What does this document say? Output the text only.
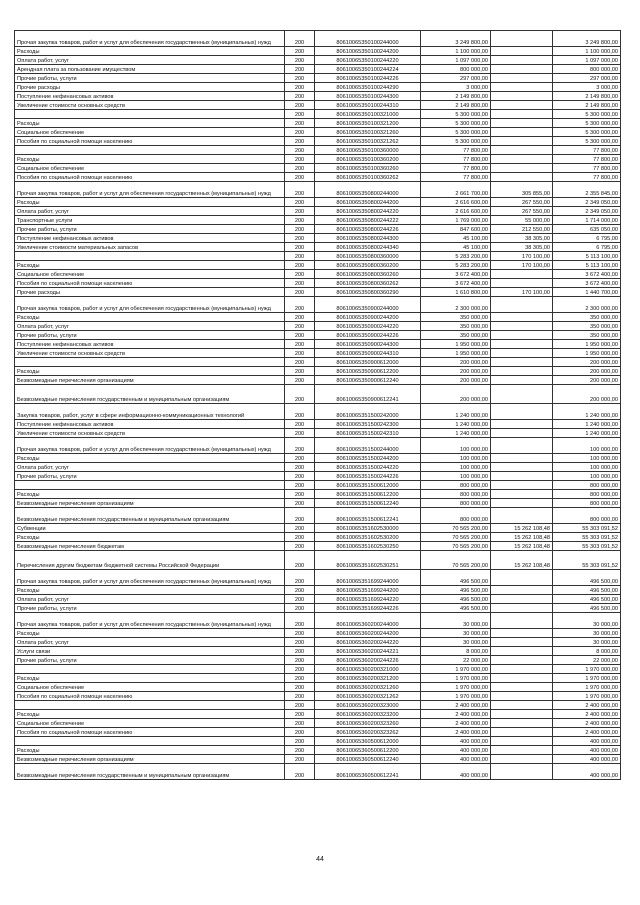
Прочая закупка товаров, работ и услуг для обеспечения государственных (муниципальных) нужд	200	80610065350100244000	3 249 800,00		3 249 800,00
Расходы	200	80610065350100244200	1 100 000,00		1 100 000,00
Оплата работ, услуг	200	80610065350100244220	1 097 000,00		1 097 000,00
Арендная плата за пользование имуществом	200	80610065350100244224	800 000,00		800 000,00
Прочие работы, услуги	200	80610065350100244226	297 000,00		297 000,00
Прочие расходы	200	80610065350100244290	3 000,00		3 000,00
Поступление нефинансовых активов	200	80610065350100244300	2 149 800,00		2 149 800,00
Увеличение стоимости основных средств	200	80610065350100244310	2 149 800,00		2 149 800,00
	200	80610065350100321000	5 300 000,00		5 300 000,00
Расходы	200	80610065350100321200	5 300 000,00		5 300 000,00
Социальное обеспечение	200	80610065350100321260	5 300 000,00		5 300 000,00
Пособия по социальной помощи населению	200	80610065350100321262	5 300 000,00		5 300 000,00
	200	80610065350100360000	77 800,00		77 800,00
Расходы	200	80610065350100360200	77 800,00		77 800,00
Социальное обеспечение	200	80610065350100360260	77 800,00		77 800,00
Пособия по социальной помощи населению	200	80610065350100360262	77 800,00		77 800,00
Прочая закупка товаров, работ и услуг для обеспечения государственных (муниципальных) нужд	200	80610065350800244000	2 661 700,00	305 855,00	2 355 845,00
Расходы	200	80610065350800244200	2 616 600,00	267 550,00	2 349 050,00
Оплата работ, услуг	200	80610065350800244220	2 616 600,00	267 550,00	2 349 050,00
Транспортные услуги	200	80610065350800244222	1 769 000,00	55 000,00	1 714 000,00
Прочие работы, услуги	200	80610065350800244226	847 600,00	212 550,00	635 050,00
Поступление нефинансовых активов	200	80610065350800244300	45 100,00	38 305,00	6 795,00
Увеличение стоимости материальных запасов	200	80610065350800244340	45 100,00	38 305,00	6 795,00
	200	80610065350800360000	5 283 200,00	170 100,00	5 113 100,00
Расходы	200	80610065350800360200	5 283 200,00	170 100,00	5 113 100,00
Социальное обеспечение	200	80610065350800360260	3 672 400,00		3 672 400,00
Пособия по социальной помощи населению	200	80610065350800360262	3 672 400,00		3 672 400,00
Прочие расходы	200	80610065350800360290	1 610 800,00	170 100,00	1 440 700,00
Прочая закупка товаров, работ и услуг для обеспечения государственных (муниципальных) нужд	200	80610065350900244000	2 300 000,00		2 300 000,00
Расходы	200	80610065350900244200	350 000,00		350 000,00
Оплата работ, услуг	200	80610065350900244220	350 000,00		350 000,00
Прочие работы, услуги	200	80610065350900244226	350 000,00		350 000,00
Поступление нефинансовых активов	200	80610065350900244300	1 950 000,00		1 950 000,00
Увеличение стоимости основных средств	200	80610065350900244310	1 950 000,00		1 950 000,00
	200	80610065350900612000	200 000,00		200 000,00
Расходы	200	80610065350900612200	200 000,00		200 000,00
Безвозмездные перечисления организациям	200	80610065350900612240	200 000,00		200 000,00
Безвозмездные перечисления государственным и муниципальным организациям	200	80610065350900612241	200 000,00		200 000,00
Закупка товаров, работ, услуг в сфере информационно-коммуникационных технологий	200	80610065351500242000	1 240 000,00		1 240 000,00
Поступление нефинансовых активов	200	80610065351500242300	1 240 000,00		1 240 000,00
Увеличение стоимости основных средств	200	80610065351500242310	1 240 000,00		1 240 000,00
Прочая закупка товаров, работ и услуг для обеспечения государственных (муниципальных) нужд	200	80610065351500244000	100 000,00		100 000,00
Расходы	200	80610065351500244200	100 000,00		100 000,00
Оплата работ, услуг	200	80610065351500244220	100 000,00		100 000,00
Прочие работы, услуги	200	80610065351500244226	100 000,00		100 000,00
	200	80610065351500612000	800 000,00		800 000,00
Расходы	200	80610065351500612200	800 000,00		800 000,00
Безвозмездные перечисления организациям	200	80610065351500612240	800 000,00		800 000,00
Безвозмездные перечисления государственным и муниципальным организациям	200	80610065351500612241	800 000,00		800 000,00
Субвенции	200	80610065351602530000	70 565 200,00	15 262 108,48	55 303 091,52
Расходы	200	80610065351602530200	70 565 200,00	15 262 108,48	55 303 091,52
Безвозмездные перечисления бюджетам	200	80610065351602530250	70 565 200,00	15 262 108,48	55 303 091,52
Перечисления другим бюджетам бюджетной системы Российской Федерации	200	80610065351602530251	70 565 200,00	15 262 108,48	55 303 091,52
Прочая закупка товаров, работ и услуг для обеспечения государственных (муниципальных) нужд	200	80610065351699244000	496 500,00		496 500,00
Расходы	200	80610065351699244200	496 500,00		496 500,00
Оплата работ, услуг	200	80610065351699244220	496 500,00		496 500,00
Прочие работы, услуги	200	80610065351699244226	496 500,00		496 500,00
Прочая закупка товаров, работ и услуг для обеспечения государственных (муниципальных) нужд	200	80610065360200244000	30 000,00		30 000,00
Расходы	200	80610065360200244200	30 000,00		30 000,00
Оплата работ, услуг	200	80610065360200244220	30 000,00		30 000,00
Услуги связи	200	80610065360200244221	8 000,00		8 000,00
Прочие работы, услуги	200	80610065360200244226	22 000,00		22 000,00
	200	80610065360200321000	1 970 000,00		1 970 000,00
Расходы	200	80610065360200321200	1 970 000,00		1 970 000,00
Социальное обеспечение	200	80610065360200321260	1 970 000,00		1 970 000,00
Пособия по социальной помощи населению	200	80610065360200321262	1 970 000,00		1 970 000,00
	200	80610065360200323000	2 400 000,00		2 400 000,00
Расходы	200	80610065360200323200	2 400 000,00		2 400 000,00
Социальное обеспечение	200	80610065360200323260	2 400 000,00		2 400 000,00
Пособия по социальной помощи населению	200	80610065360200323262	2 400 000,00		2 400 000,00
	200	80610065360500612000	400 000,00		400 000,00
Расходы	200	80610065360500612200	400 000,00		400 000,00
Безвозмездные перечисления организациям	200	80610065360500612240	400 000,00		400 000,00
Безвозмездные перечисления государственным и муниципальным организациям	200	80610065360500612241	400 000,00		400 000,00
44
